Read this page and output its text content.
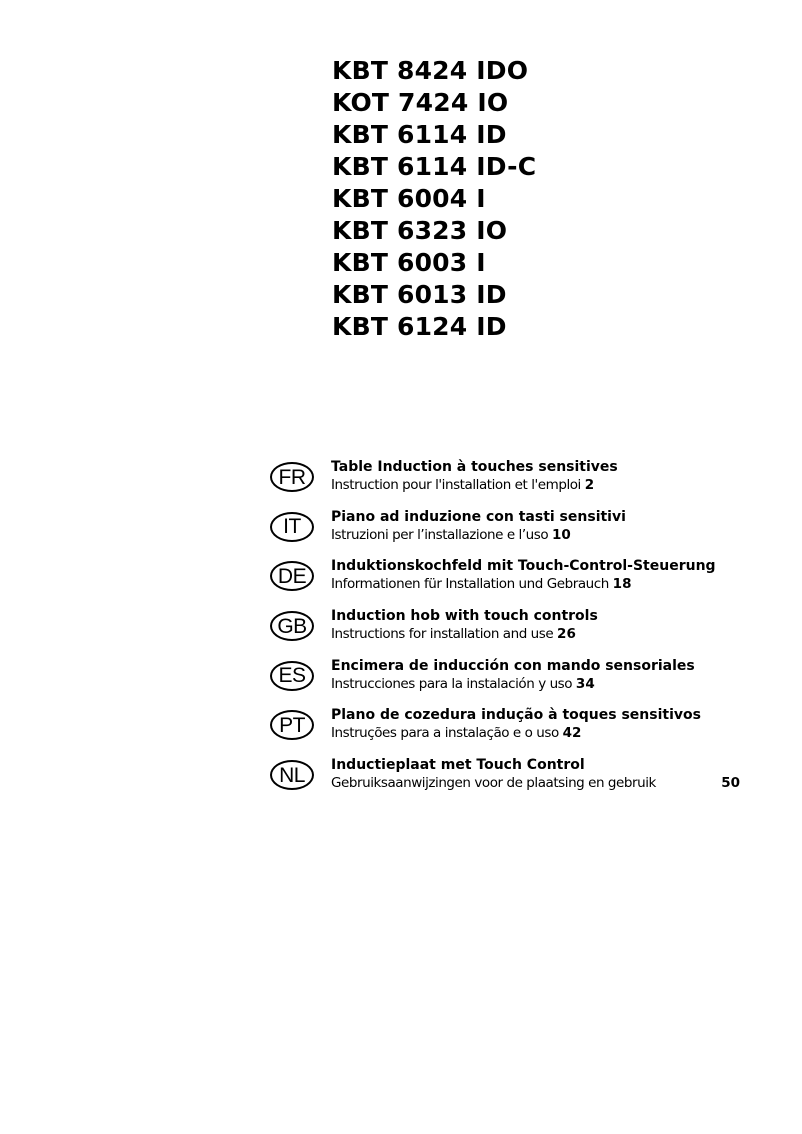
KBT 8424 IDO
KOT 7424 IO
KBT 6114 ID
KBT 6114 ID-C
KBT 6004 I
KBT 6323 IO
KBT 6003 I
KBT 6013 ID
KBT 6124 ID
FR	Table Induction à touches sensitives
Instruction pour l'installation et l'emploi 2
IT	Piano ad induzione con tasti sensitivi
Istruzioni per l’installazione e l’uso 10
DE	Induktionskochfeld mit Touch-Control-Steuerung
Informationen für Installation und Gebrauch 18
GB	Induction hob with touch controls
Instructions for installation and use 26
ES	Encimera de inducción con mando sensoriales
Instrucciones para la instalación y uso 34
PT	Plano de cozedura indução à toques sensitivos
Instruções para a instalação e o uso 42
NL	Inductieplaat met Touch Control
Gebruiksaanwijzingen voor de plaatsing en gebruik	50
